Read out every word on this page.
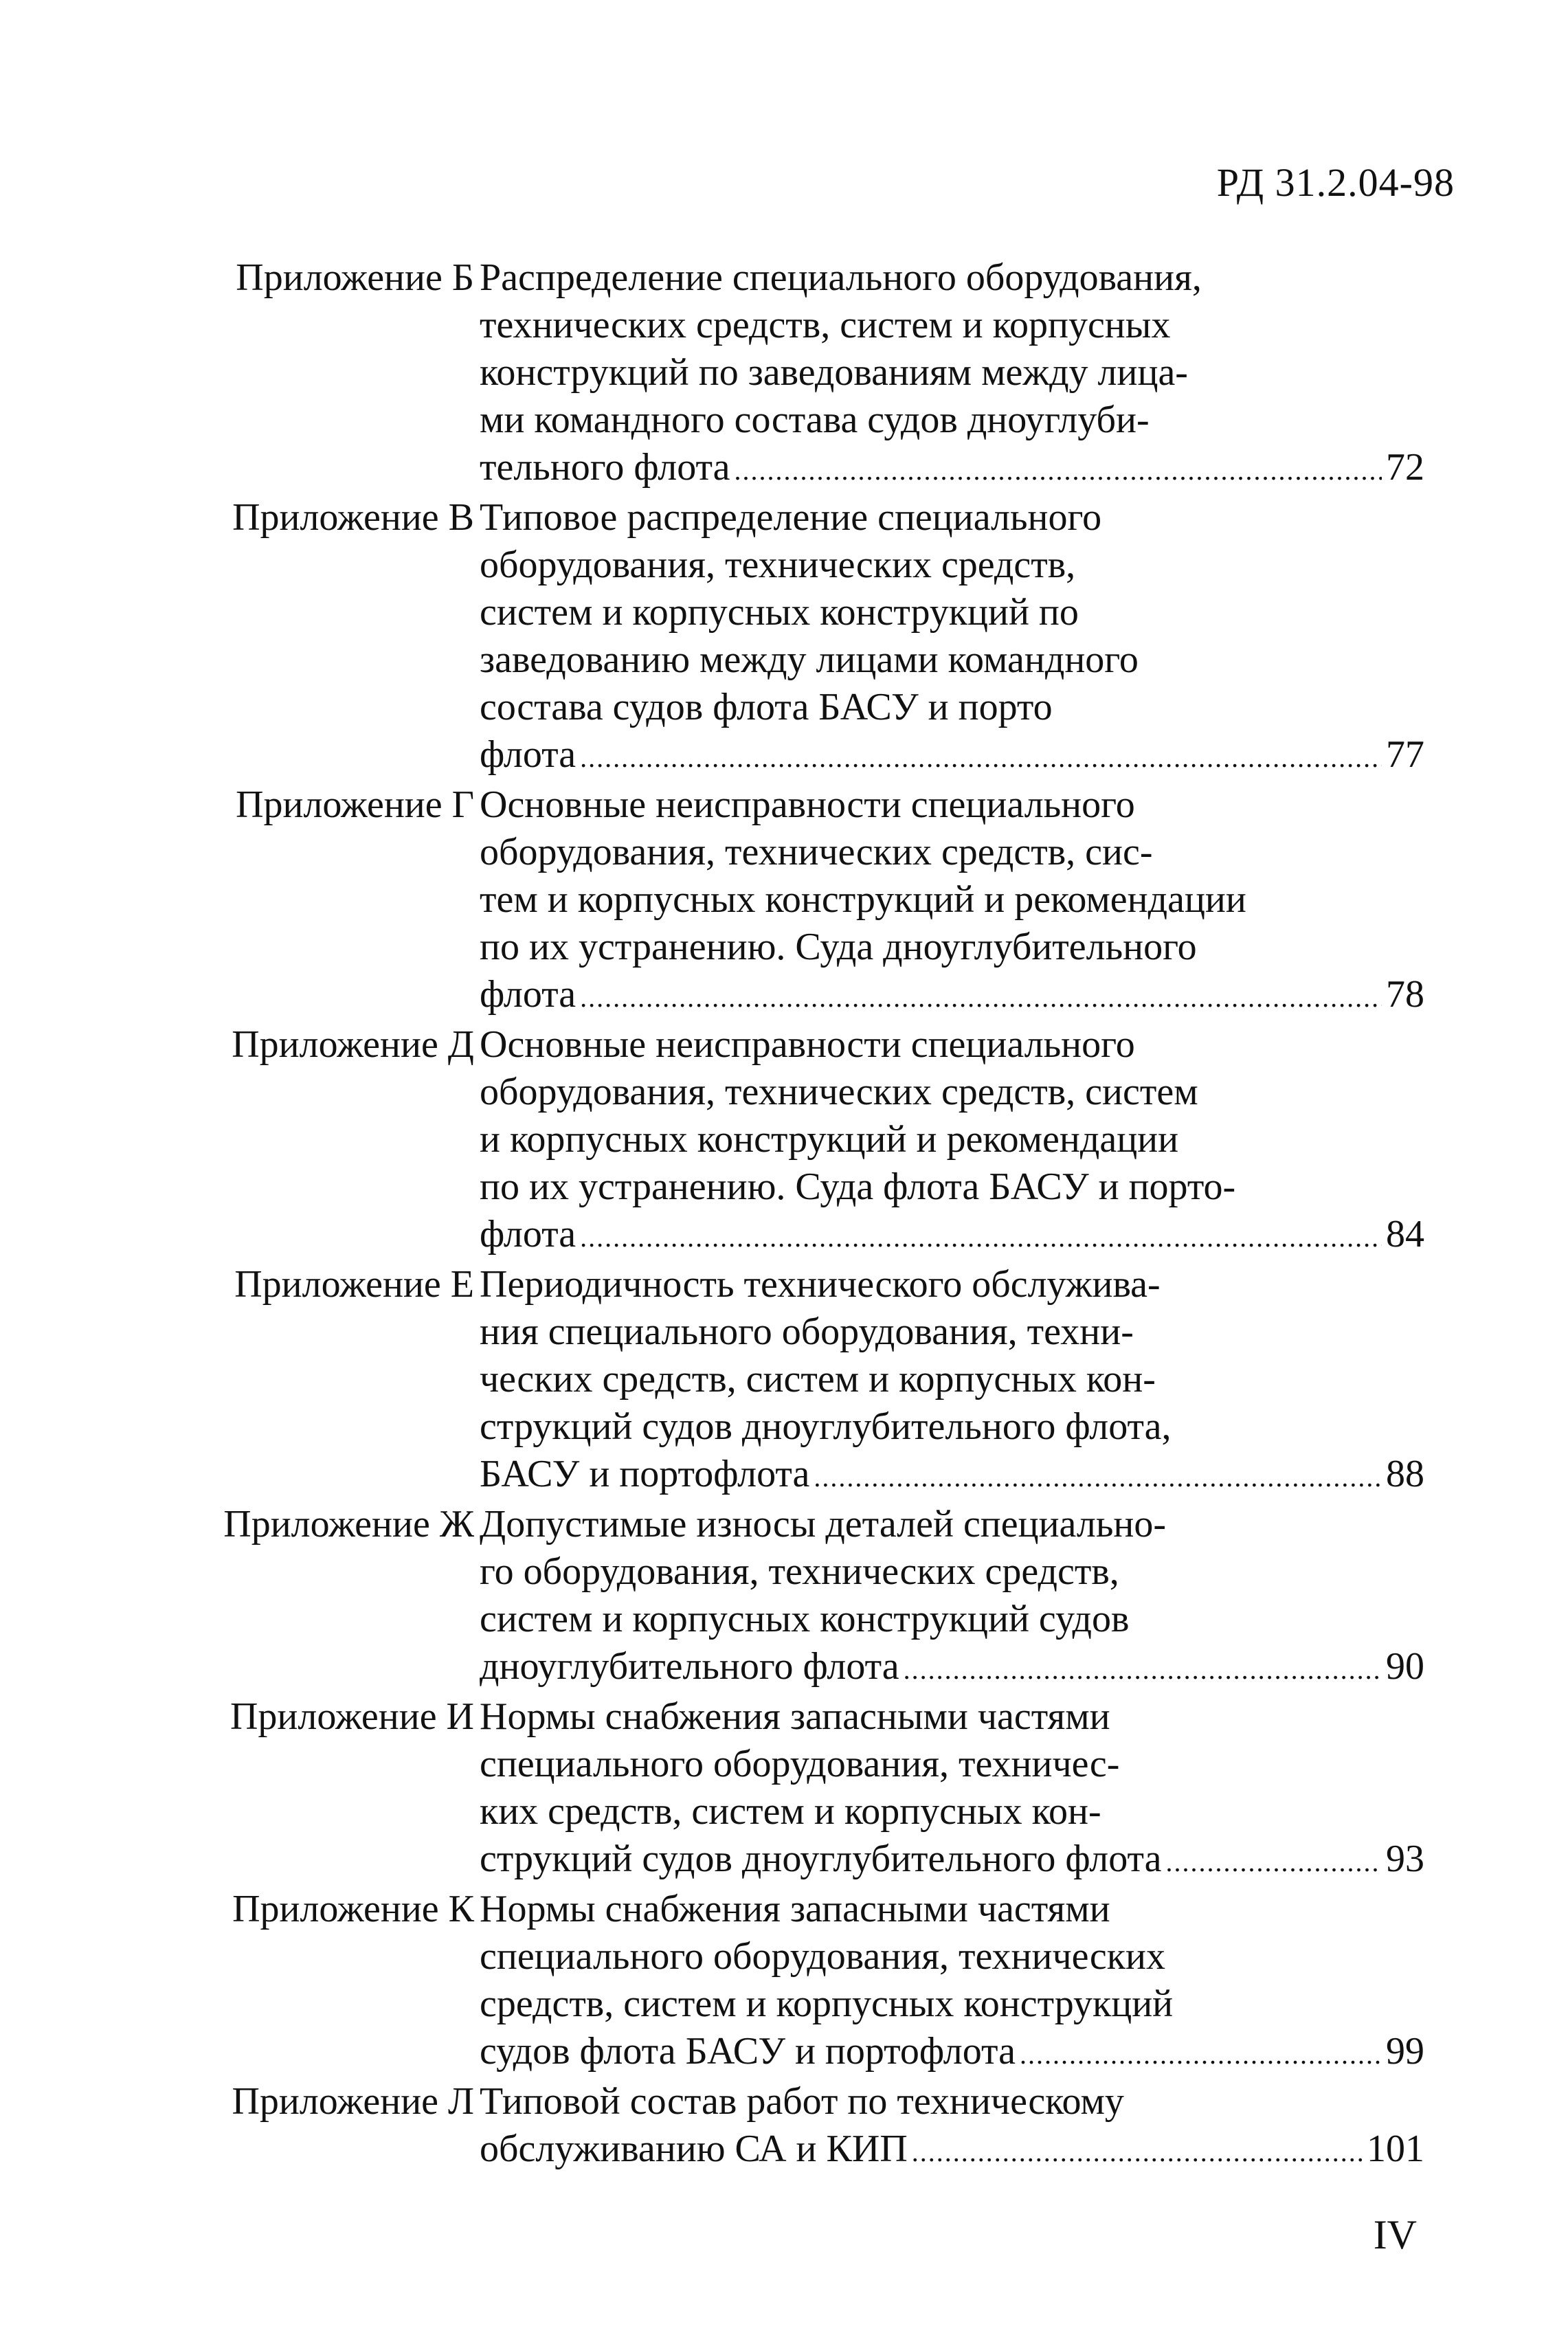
РД 31.2.04-98
Приложение Б Распределение специального оборудования,
технических средств, систем и корпусных
конструкций по заведованиям между лица-
ми командного состава судов дноуглуби-
тельного флота .....	72
Приложение В Типовое распределение специального
оборудования, технических средств,
систем и корпусных конструкций по
заведованию между лицами командного
состава судов флота БАСУ и порто
флота .....	77
Приложение Г Основные неисправности специального
оборудования, технических средств, сис-
тем и корпусных конструкций и рекомендации
по их устранению. Суда дноуглубительного
флота .....	78
Приложение Д Основные неисправности специального
оборудования, технических средств, систем
и корпусных конструкций и рекомендации
по их устранению. Суда флота БАСУ и порто-
флота .....	84
Приложение Е Периодичность технического обслужива-
ния специального оборудования, техни-
ческих средств, систем и корпусных кон-
струкций судов дноуглубительного флота,
БАСУ и портофлота .....	88
Приложение Ж Допустимые износы деталей специально-
го оборудования, технических средств,
систем и корпусных конструкций судов
дноуглубительного флота .....	90
Приложение И Нормы снабжения запасными частями
специального оборудования, техничес-
ких средств, систем и корпусных кон-
струкций судов дноуглубительного флота .....	93
Приложение К Нормы снабжения запасными частями
специального оборудования, технических
средств, систем и корпусных конструкций
судов флота БАСУ и портофлота .....	99
Приложение Л Типовой состав работ по техническому
обслуживанию СА и КИП .....	101
IV
